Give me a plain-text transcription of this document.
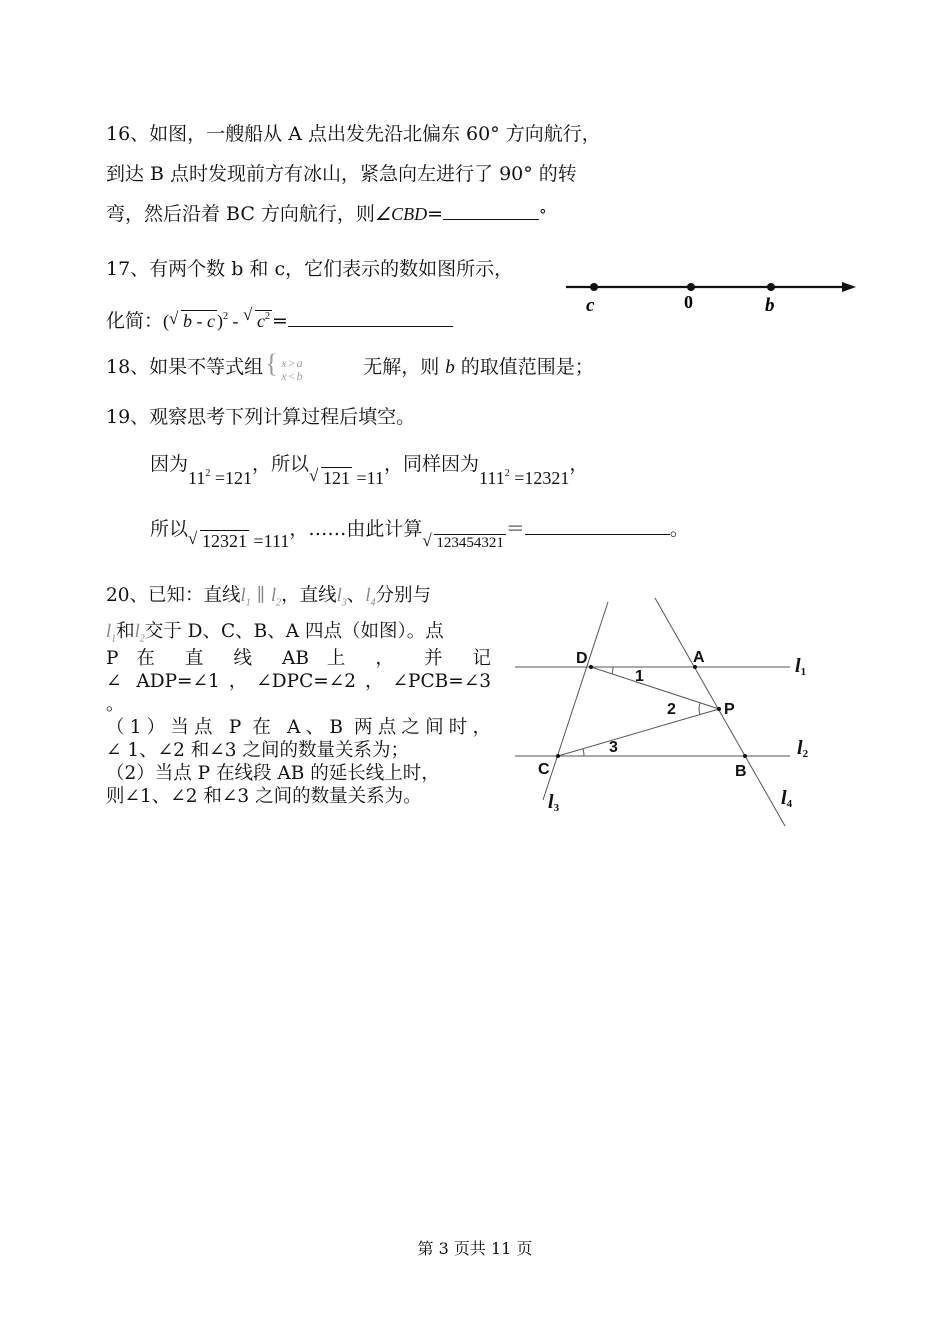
16、如图，一艘船从 A 点出发先沿北偏东 60° 方向航行，
到达 B 点时发现前方有冰山，紧急向左进行了 90° 的转
弯，然后沿着 BC 方向航行，则∠CBD=	°
17、有两个数 b 和 c，它们表示的数如图所示，
化简：( √ b - c )$^2$ - √ $c^2$ =
c	0	b
18、如果不等式组 { x>a
x<b	无解，则 b 的取值范围是；
19、观察思考下列计算过程后填空。
因为$11^2 =121$，所以√ 121 =11，同样因为$111^2 =12321$，
所以√ 12321 =111，……由此计算√ $_{123454321}$＝	。
20、已知：直线$l_1$ ∥ $l_2$，直线$l_3$、$l_4$分别与
$l_1$和$l_2$交于 D、C、B、A 四点（如图）。点
P 在 直 线 AB 上 ， 并 记
∠ ADP=∠1，∠DPC=∠2，∠PCB=∠3
。
（1）当点 P 在 A、B 两点之间时，
∠ 1、∠2 和∠3 之间的数量关系为；
（2）当点 P 在线段 AB 的延长线上时，
则∠1、∠2 和∠3 之间的数量关系为。
D	A
P
C	B
1
2
3
l1
l2
l3	l4
第 3 页共 11 页
